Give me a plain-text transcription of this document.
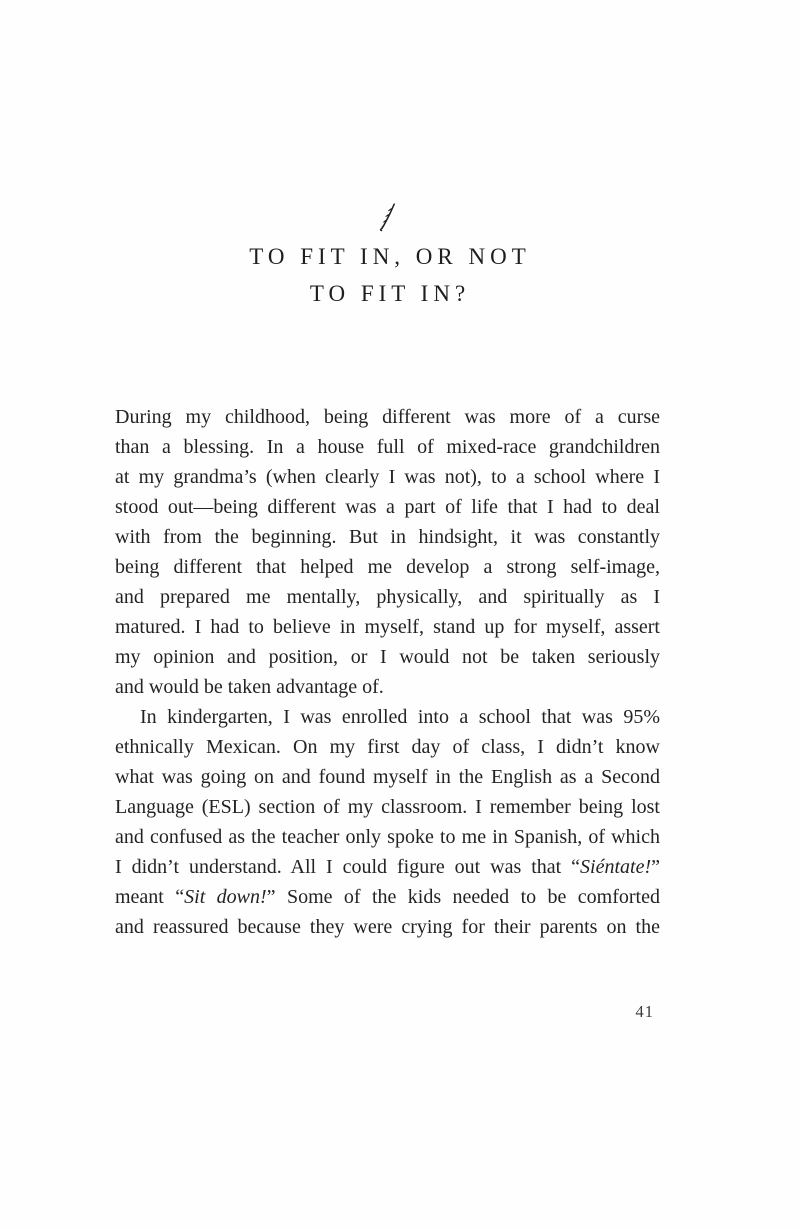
TO FIT IN, OR NOT
TO FIT IN?
During my childhood, being different was more of a curse
than a blessing. In a house full of mixed-race grandchildren
at my grandma’s (when clearly I was not), to a school where I
stood out—being different was a part of life that I had to deal
with from the beginning. But in hindsight, it was constantly
being different that helped me develop a strong self-image,
and prepared me mentally, physically, and spiritually as I
matured. I had to believe in myself, stand up for myself, assert
my opinion and position, or I would not be taken seriously
and would be taken advantage of.
In kindergarten, I was enrolled into a school that was 95%
ethnically Mexican. On my first day of class, I didn’t know
what was going on and found myself in the English as a Second
Language (ESL) section of my classroom. I remember being lost
and confused as the teacher only spoke to me in Spanish, of which
I didn’t understand. All I could figure out was that “Siéntate!”
meant “Sit down!” Some of the kids needed to be comforted
and reassured because they were crying for their parents on the
41
